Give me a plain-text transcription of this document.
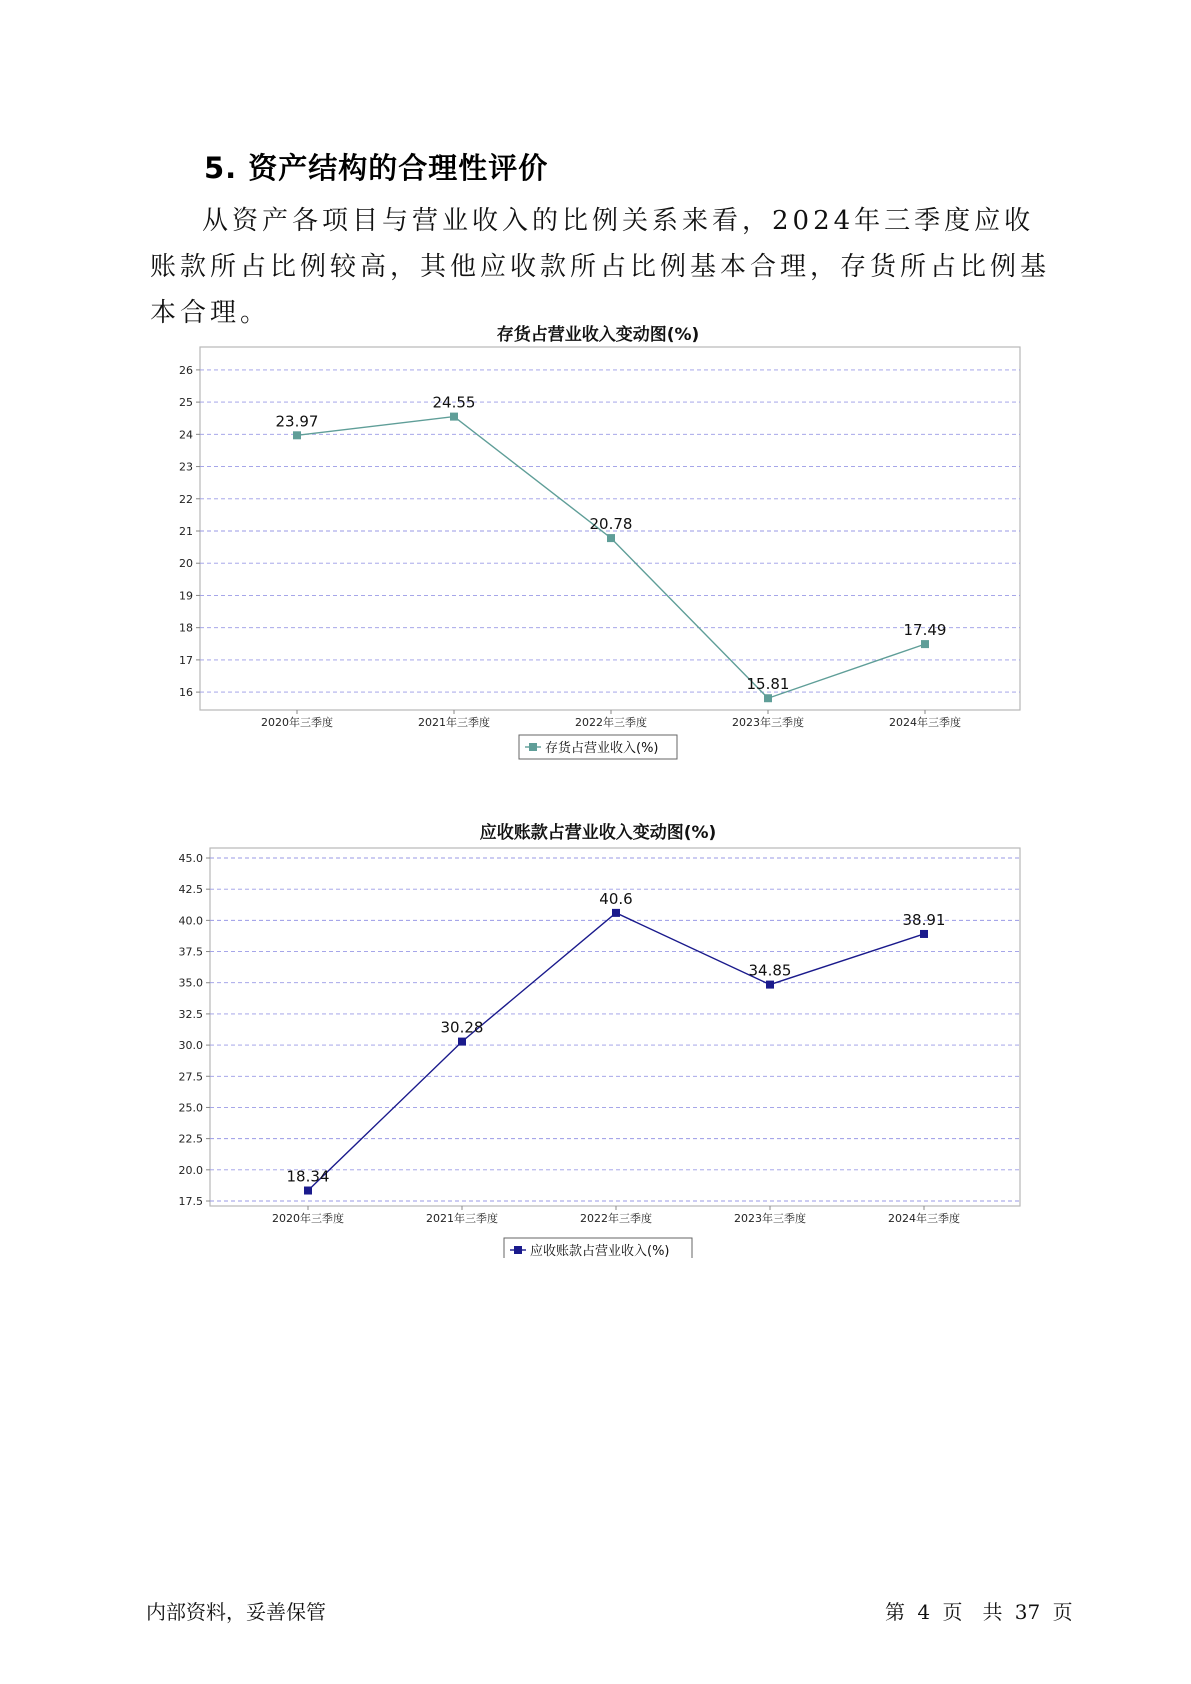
5. 资产结构的合理性评价

从资产各项目与营业收入的比例关系来看，2024年三季度应收账款所占比例较高，其他应收款所占比例基本合理，存货所占比例基本合理。

存货占营业收入变动图(%)
16
17
18
19
20
21
22
23
24
25
26
2020年三季度	2021年三季度	2022年三季度	2023年三季度	2024年三季度
23.97
24.55
20.78
15.81
17.49
存货占营业收入(%)
应收账款占营业收入变动图(%)
17.5
20.0
22.5
25.0
27.5
30.0
32.5
35.0
37.5
40.0
42.5
45.0
2020年三季度	2021年三季度	2022年三季度	2023年三季度	2024年三季度
18.34
30.28
40.6
34.85
38.91
应收账款占营业收入(%)
内部资料，妥善保管	第 4 页　共 37 页
